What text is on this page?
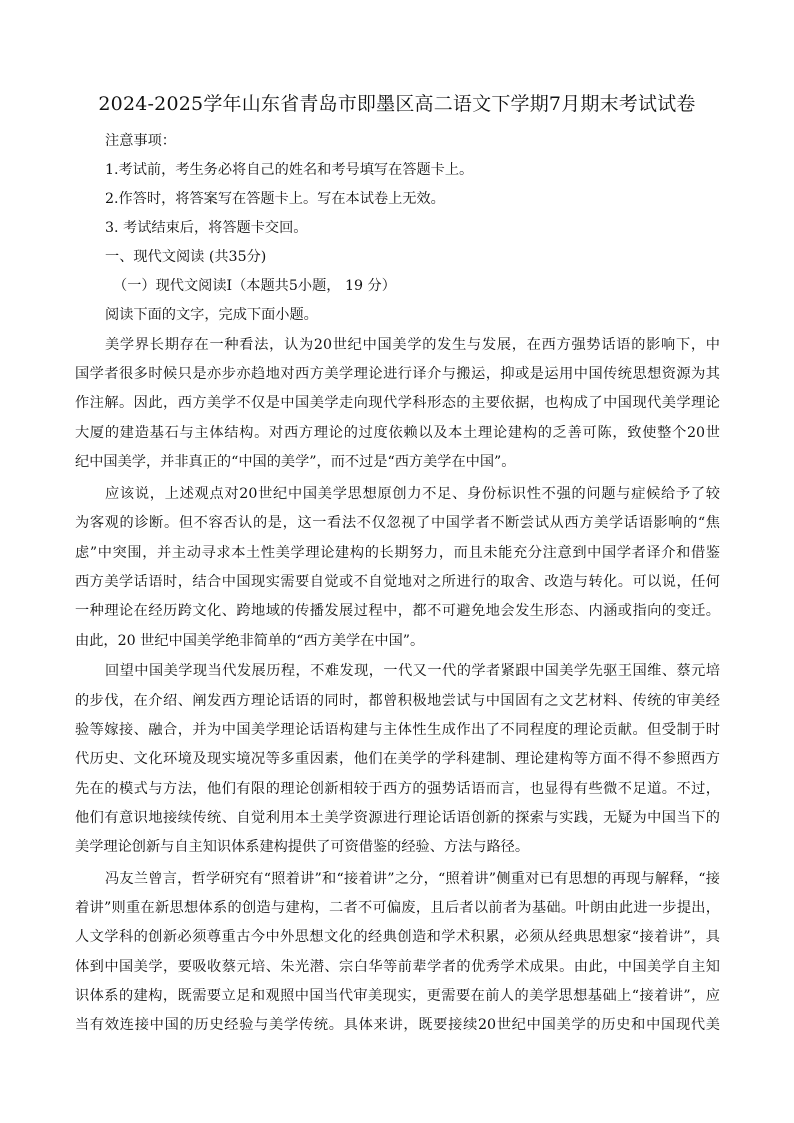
2024-2025学年山东省青岛市即墨区高二语文下学期7月期末考试试卷
注意事项：
1.考试前，考生务必将自己的姓名和考号填写在答题卡上。
2.作答时，将答案写在答题卡上。写在本试卷上无效。
3. 考试结束后，将答题卡交回。
一、现代文阅读 (共35分)
（一）现代文阅读Ⅰ（本题共5小题， 19 分）
阅读下面的文字，完成下面小题。
美学界长期存在一种看法，认为20世纪中国美学的发生与发展，在西方强势话语的影响下，中
国学者很多时候只是亦步亦趋地对西方美学理论进行译介与搬运，抑或是运用中国传统思想资源为其
作注解。因此，西方美学不仅是中国美学走向现代学科形态的主要依据，也构成了中国现代美学理论
大厦的建造基石与主体结构。对西方理论的过度依赖以及本土理论建构的乏善可陈，致使整个20世
纪中国美学，并非真正的“中国的美学”，而不过是“西方美学在中国”。
应该说，上述观点对20世纪中国美学思想原创力不足、身份标识性不强的问题与症候给予了较
为客观的诊断。但不容否认的是，这一看法不仅忽视了中国学者不断尝试从西方美学话语影响的“焦
虑”中突围，并主动寻求本土性美学理论建构的长期努力，而且未能充分注意到中国学者译介和借鉴
西方美学话语时，结合中国现实需要自觉或不自觉地对之所进行的取舍、改造与转化。可以说，任何
一种理论在经历跨文化、跨地域的传播发展过程中，都不可避免地会发生形态、内涵或指向的变迁。
由此，20 世纪中国美学绝非简单的“西方美学在中国”。
回望中国美学现当代发展历程，不难发现，一代又一代的学者紧跟中国美学先驱王国维、蔡元培
的步伐，在介绍、阐发西方理论话语的同时，都曾积极地尝试与中国固有之文艺材料、传统的审美经
验等嫁接、融合，并为中国美学理论话语构建与主体性生成作出了不同程度的理论贡献。但受制于时
代历史、文化环境及现实境况等多重因素，他们在美学的学科建制、理论建构等方面不得不参照西方
先在的模式与方法，他们有限的理论创新相较于西方的强势话语而言，也显得有些微不足道。不过，
他们有意识地接续传统、自觉利用本土美学资源进行理论话语创新的探索与实践，无疑为中国当下的
美学理论创新与自主知识体系建构提供了可资借鉴的经验、方法与路径。
冯友兰曾言，哲学研究有“照着讲”和“接着讲”之分，“照着讲”侧重对已有思想的再现与解释，“接
着讲”则重在新思想体系的创造与建构，二者不可偏废，且后者以前者为基础。叶朗由此进一步提出，
人文学科的创新必须尊重古今中外思想文化的经典创造和学术积累，必须从经典思想家“接着讲”，具
体到中国美学，要吸收蔡元培、朱光潜、宗白华等前辈学者的优秀学术成果。由此，中国美学自主知
识体系的建构，既需要立足和观照中国当代审美现实，更需要在前人的美学思想基础上“接着讲”，应
当有效连接中国的历史经验与美学传统。具体来讲，既要接续20世纪中国美学的历史和中国现代美
